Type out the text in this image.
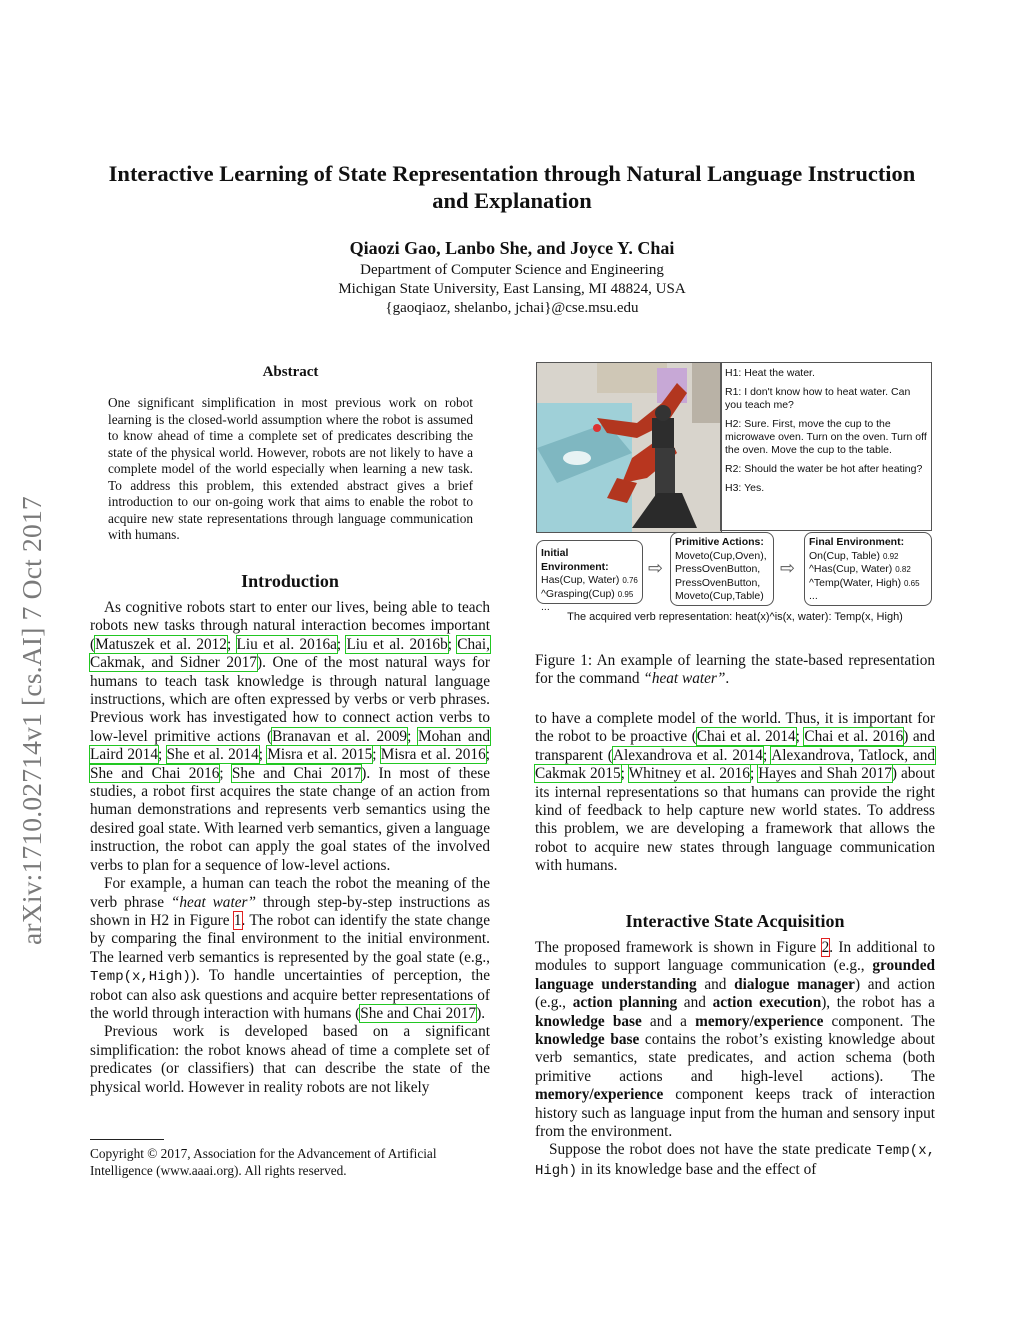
arXiv:1710.02714v1 [cs.AI] 7 Oct 2017
Interactive Learning of State Representation through Natural Language Instruction and Explanation
Qiaozi Gao, Lanbo She, and Joyce Y. Chai
Department of Computer Science and Engineering
Michigan State University, East Lansing, MI 48824, USA
{gaoqiaoz, shelanbo, jchai}@cse.msu.edu
Abstract
One significant simplification in most previous work on robot learning is the closed-world assumption where the robot is assumed to know ahead of time a complete set of predicates describing the state of the physical world. However, robots are not likely to have a complete model of the world especially when learning a new task. To address this problem, this extended abstract gives a brief introduction to our on-going work that aims to enable the robot to acquire new state representations through language communication with humans.
Introduction

As cognitive robots start to enter our lives, being able to teach robots new tasks through natural interaction becomes important (Matuszek et al. 2012; Liu et al. 2016a; Liu et al. 2016b; Chai, Cakmak, and Sidner 2017). One of the most natural ways for humans to teach task knowledge is through natural language instructions, which are often expressed by verbs or verb phrases. Previous work has investigated how to connect action verbs to low-level primitive actions (Branavan et al. 2009; Mohan and Laird 2014; She et al. 2014; Misra et al. 2015; Misra et al. 2016; She and Chai 2016; She and Chai 2017). In most of these studies, a robot first acquires the state change of an action from human demonstrations and represents verb semantics using the desired goal state. With learned verb semantics, given a language instruction, the robot can apply the goal states of the involved verbs to plan for a sequence of low-level actions.

For example, a human can teach the robot the meaning of the verb phrase “heat water” through step-by-step instructions as shown in H2 in Figure 1. The robot can identify the state change by comparing the final environment to the initial environment. The learned verb semantics is represented by the goal state (e.g., Temp(x,High)). To handle uncertainties of perception, the robot can also ask questions and acquire better representations of the world through interaction with humans (She and Chai 2017).

Previous work is developed based on a significant simplification: the robot knows ahead of time a complete set of predicates (or classifiers) that can describe the state of the physical world. However in reality robots are not likely

Copyright © 2017, Association for the Advancement of Artificial Intelligence (www.aaai.org). All rights reserved.
H1: Heat the water.
R1: I don't know how to heat water. Can you teach me?
H2: Sure. First, move the cup to the microwave oven. Turn on the oven. Turn off the oven. Move the cup to the table.
R2: Should the water be hot after heating?
H3: Yes.
Initial Environment:
Has(Cup, Water) 0.76
^Grasping(Cup) 0.95
...
⇨
Primitive Actions:
Moveto(Cup,Oven),
PressOvenButton,
PressOvenButton,
Moveto(Cup,Table)
⇨
Final Environment:
On(Cup, Table) 0.92
^Has(Cup, Water) 0.82
^Temp(Water, High) 0.65
...
The acquired verb representation: heat(x)^is(x, water): Temp(x, High)
Figure 1: An example of learning the state-based representation for the command “heat water”.

to have a complete model of the world. Thus, it is important for the robot to be proactive (Chai et al. 2014; Chai et al. 2016) and transparent (Alexandrova et al. 2014; Alexandrova, Tatlock, and Cakmak 2015; Whitney et al. 2016; Hayes and Shah 2017) about its internal representations so that humans can provide the right kind of feedback to help capture new world states. To address this problem, we are developing a framework that allows the robot to acquire new states through language communication with humans.

Interactive State Acquisition

The proposed framework is shown in Figure 2. In additional to modules to support language communication (e.g., grounded language understanding and dialogue manager) and action (e.g., action planning and action execution), the robot has a knowledge base and a memory/experience component. The knowledge base contains the robot’s existing knowledge about verb semantics, state predicates, and action schema (both primitive actions and high-level actions). The memory/experience component keeps track of interaction history such as language input from the human and sensory input from the environment.

Suppose the robot does not have the state predicate Temp(x, High) in its knowledge base and the effect of
